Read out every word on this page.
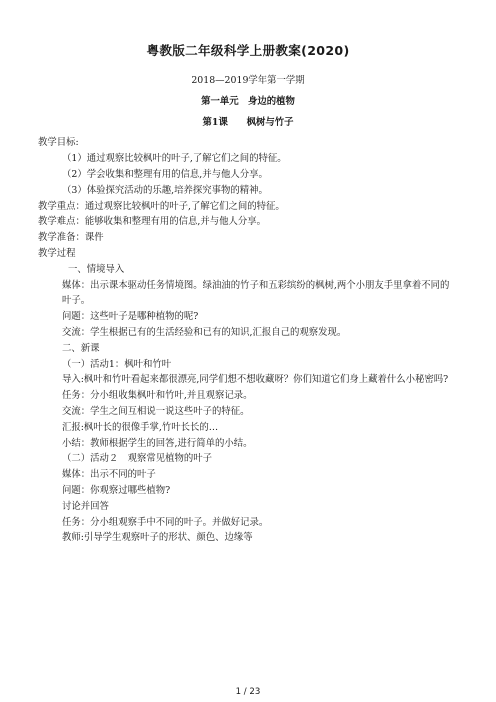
粤教版二年级科学上册教案(2020)

2018—2019学年第一学期

第一单元　身边的植物

第1课　　枫树与竹子

教学目标:

（1）通过观察比较枫叶的叶子,了解它们之间的特征。

（2）学会收集和整理有用的信息,并与他人分享。

（3）体验探究活动的乐趣,培养探究事物的精神。

教学重点：通过观察比较枫叶的叶子,了解它们之间的特征。

教学难点：能够收集和整理有用的信息,并与他人分享。

教学准备：课件

教学过程

一、情境导入

媒体：出示课本驱动任务情境图。绿油油的竹子和五彩缤纷的枫树,两个小朋友手里拿着不同的叶子。

问题：这些叶子是哪种植物的呢?

交流：学生根据已有的生活经验和已有的知识,汇报自己的观察发现。

二、新课

（一）活动1：枫叶和竹叶

导入:枫叶和竹叶看起来都很漂亮,同学们想不想收藏呀？你们知道它们身上藏着什么小秘密吗?

任务：分小组收集枫叶和竹叶,并且观察记录。

交流：学生之间互相说一说这些叶子的特征。

汇报:枫叶长的很像手掌,竹叶长长的…

小结：教师根据学生的回答,进行简单的小结。

（二）活动２　观察常见植物的叶子

媒体：出示不同的叶子

问题：你观察过哪些植物?

讨论并回答

任务：分小组观察手中不同的叶子。并做好记录。

教师:引导学生观察叶子的形状、颜色、边缘等

1 / 23
